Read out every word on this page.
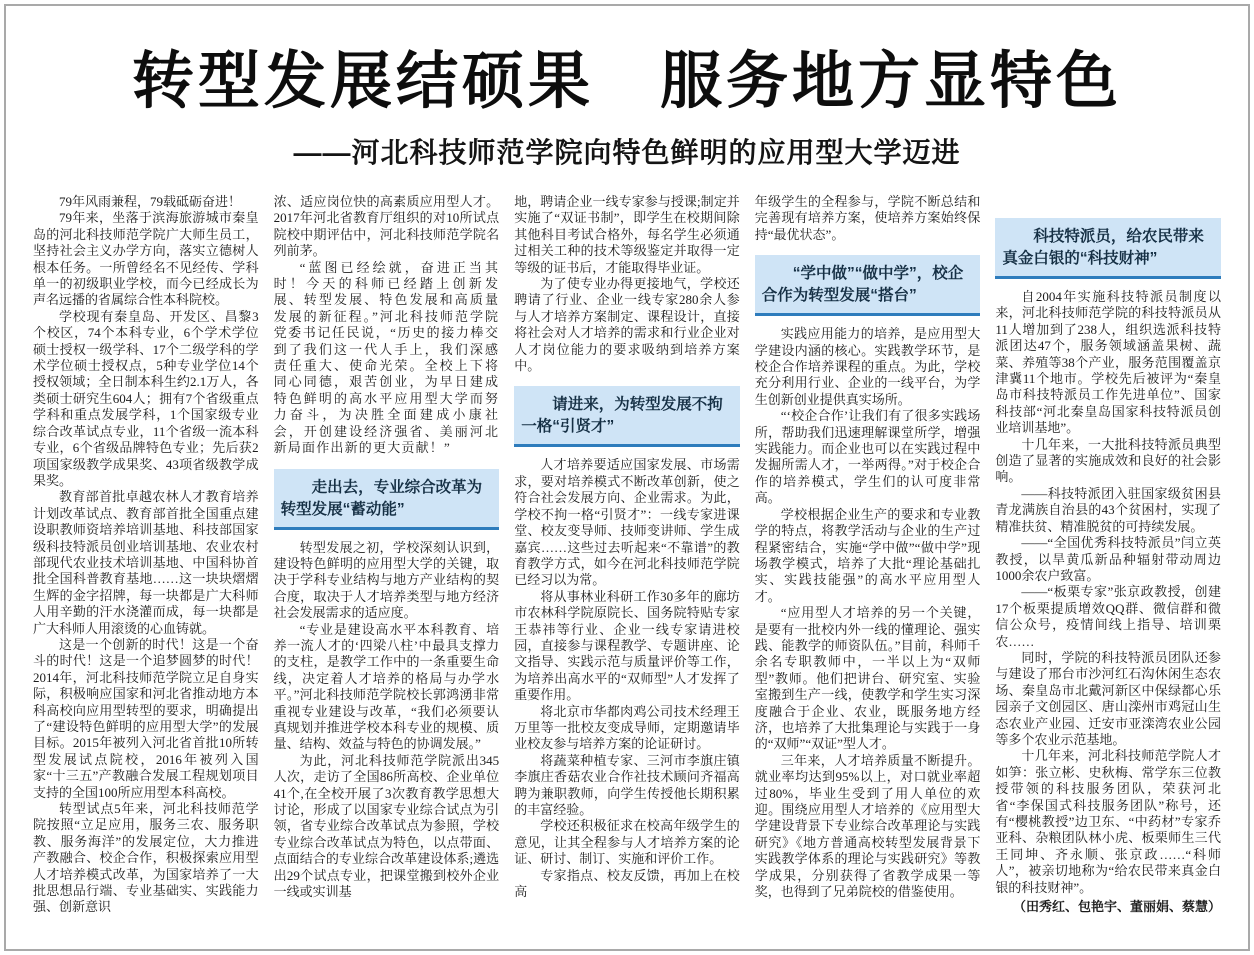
转型发展结硕果 服务地方显特色
——河北科技师范学院向特色鲜明的应用型大学迈进

79年风雨兼程，79载砥砺奋进！

79年来，坐落于滨海旅游城市秦皇岛的河北科技师范学院广大师生员工，坚持社会主义办学方向，落实立德树人根本任务。一所曾经名不见经传、学科单一的初级职业学校，而今已经成长为声名远播的省属综合性本科院校。

学校现有秦皇岛、开发区、昌黎3个校区，74个本科专业，6个学术学位硕士授权一级学科、17个二级学科的学术学位硕士授权点，5种专业学位14个授权领域；全日制本科生约2.1万人，各类硕士研究生604人；拥有7个省级重点学科和重点发展学科，1个国家级专业综合改革试点专业，11个省级一流本科专业，6个省级品牌特色专业；先后获2项国家级教学成果奖、43项省级教学成果奖。

教育部首批卓越农林人才教育培养计划改革试点、教育部首批全国重点建设职教师资培养培训基地、科技部国家级科技特派员创业培训基地、农业农村部现代农业技术培训基地、中国科协首批全国科普教育基地……这一块块熠熠生辉的金字招牌，每一块都是广大科师人用辛勤的汗水浇灌而成，每一块都是广大科师人用滚烫的心血铸就。

这是一个创新的时代！这是一个奋斗的时代！这是一个追梦圆梦的时代！2014年，河北科技师范学院立足自身实际，积极响应国家和河北省推动地方本科高校向应用型转型的要求，明确提出了“建设特色鲜明的应用型大学”的发展目标。2015年被列入河北省首批10所转型发展试点院校，2016年被列入国家“十三五”产教融合发展工程规划项目支持的全国100所应用型本科高校。

转型试点5年来，河北科技师范学院按照“立足应用，服务三农、服务职教、服务海洋”的发展定位，大力推进产教融合、校企合作，积极探索应用型人才培养模式改革，为国家培养了一大批思想品行端、专业基础实、实践能力强、创新意识

浓、适应岗位快的高素质应用型人才。2017年河北省教育厅组织的对10所试点院校中期评估中，河北科技师范学院名列前茅。

“蓝图已经绘就，奋进正当其时！今天的科师已经踏上创新发展、转型发展、特色发展和高质量发展的新征程。”河北科技师范学院党委书记任民说，“历史的接力棒交到了我们这一代人手上，我们深感责任重大、使命光荣。全校上下将同心同德，艰苦创业，为早日建成特色鲜明的高水平应用型大学而努力奋斗，为决胜全面建成小康社会，开创建设经济强省、美丽河北新局面作出新的更大贡献！”

走出去，专业综合改革为转型发展“蓄动能”

转型发展之初，学校深刻认识到，建设特色鲜明的应用型大学的关键，取决于学科专业结构与地方产业结构的契合度，取决于人才培养类型与地方经济社会发展需求的适应度。

“专业是建设高水平本科教育、培养一流人才的‘四梁八柱’中最具支撑力的支柱，是教学工作中的一条重要生命线，决定着人才培养的格局与办学水平。”河北科技师范学院校长郭鸿湧非常重视专业建设与改革，“我们必须要认真规划并推进学校本科专业的规模、质量、结构、效益与特色的协调发展。”

为此，河北科技师范学院派出345人次，走访了全国86所高校、企业单位41个,在全校开展了3次教育教学思想大讨论，形成了以国家专业综合试点为引领，省专业综合改革试点为参照，学校专业综合改革试点为特色，以点带面、点面结合的专业综合改革建设体系;遴选出29个试点专业，把课堂搬到校外企业一线或实训基

地，聘请企业一线专家参与授课;制定并实施了“双证书制”，即学生在校期间除其他科目考试合格外，每名学生必须通过相关工种的技术等级鉴定并取得一定等级的证书后，才能取得毕业证。

为了使专业办得更接地气，学校还聘请了行业、企业一线专家280余人参与人才培养方案制定、课程设计，直接将社会对人才培养的需求和行业企业对人才岗位能力的要求吸纳到培养方案中。

请进来，为转型发展不拘一格“引贤才”

人才培养要适应国家发展、市场需求，要对培养模式不断改革创新，使之符合社会发展方向、企业需求。为此，学校不拘一格“引贤才”：一线专家进课堂、校友变导师、技师变讲师、学生成嘉宾……这些过去听起来“不靠谱”的教育教学方式，如今在河北科技师范学院已经习以为常。

将从事林业科研工作30多年的廊坊市农林科学院原院长、国务院特贴专家王恭祎等行业、企业一线专家请进校园，直接参与课程教学、专题讲座、论文指导、实践示范与质量评价等工作，为培养出高水平的“双师型”人才发挥了重要作用。

将北京市华都肉鸡公司技术经理王万里等一批校友变成导师，定期邀请毕业校友参与培养方案的论证研讨。

将蔬菜种植专家、三河市李旗庄镇李旗庄香菇农业合作社技术顾问齐福高聘为兼职教师，向学生传授他长期积累的丰富经验。

学校还积极征求在校高年级学生的意见，让其全程参与人才培养方案的论证、研讨、制订、实施和评价工作。

专家指点、校友反馈，再加上在校高

年级学生的全程参与，学院不断总结和完善现有培养方案，使培养方案始终保持“最优状态”。

“学中做”“做中学”，校企合作为转型发展“搭台”

实践应用能力的培养，是应用型大学建设内涵的核心。实践教学环节，是校企合作培养课程的重点。为此，学校充分利用行业、企业的一线平台，为学生创新创业提供真实场所。

“‘校企合作’让我们有了很多实践场所，帮助我们迅速理解课堂所学，增强实践能力。而企业也可以在实践过程中发掘所需人才，一举两得。”对于校企合作的培养模式，学生们的认可度非常高。

学校根据企业生产的要求和专业教学的特点，将教学活动与企业的生产过程紧密结合，实施“学中做”“做中学”现场教学模式，培养了大批“理论基础扎实、实践技能强”的高水平应用型人才。

“应用型人才培养的另一个关键，是要有一批校内外一线的懂理论、强实践、能教学的师资队伍。”目前，科师千余名专职教师中，一半以上为“双师型”教师。他们把讲台、研究室、实验室搬到生产一线，使教学和学生实习深度融合于企业、农业，既服务地方经济，也培养了大批集理论与实践于一身的“双师”“双证”型人才。

三年来，人才培养质量不断提升。就业率均达到95%以上，对口就业率超过80%，毕业生受到了用人单位的欢迎。围绕应用型人才培养的《应用型大学建设背景下专业综合改革理论与实践研究》《地方普通高校转型发展背景下实践教学体系的理论与实践研究》等教学成果，分别获得了省教学成果一等奖，也得到了兄弟院校的借鉴使用。

科技特派员，给农民带来真金白银的“科技财神”

自2004年实施科技特派员制度以来，河北科技师范学院的科技特派员从11人增加到了238人，组织选派科技特派团达47个，服务领域涵盖果树、蔬菜、养殖等38个产业，服务范围覆盖京津冀11个地市。学校先后被评为“秦皇岛市科技特派员工作先进单位”、国家科技部“河北秦皇岛国家科技特派员创业培训基地”。

十几年来，一大批科技特派员典型创造了显著的实施成效和良好的社会影响。

——科技特派团入驻国家级贫困县青龙满族自治县的43个贫困村，实现了精准扶贫、精准脱贫的可持续发展。

——“全国优秀科技特派员”闫立英教授，以旱黄瓜新品种辐射带动周边1000余农户致富。

——“板栗专家”张京政教授，创建17个板栗提质增效QQ群、微信群和微信公众号，疫情间线上指导、培训栗农……

同时，学院的科技特派员团队还参与建设了邢台市沙河红石沟休闲生态农场、秦皇岛市北戴河新区中保绿都心乐园亲子文创园区、唐山滦州市鸡冠山生态农业产业园、迁安市亚滦湾农业公园等多个农业示范基地。

十几年来，河北科技师范学院人才如笋：张立彬、史秋梅、常学东三位教授带领的科技服务团队，荣获河北省“李保国式科技服务团队”称号，还有“樱桃教授”边卫东、“中药材”专家乔亚科、杂粮团队林小虎、板栗师生三代王同坤、齐永顺、张京政……“科师人”，被亲切地称为“给农民带来真金白银的科技财神”。

（田秀红、包艳宇、董丽娟、蔡慧）
